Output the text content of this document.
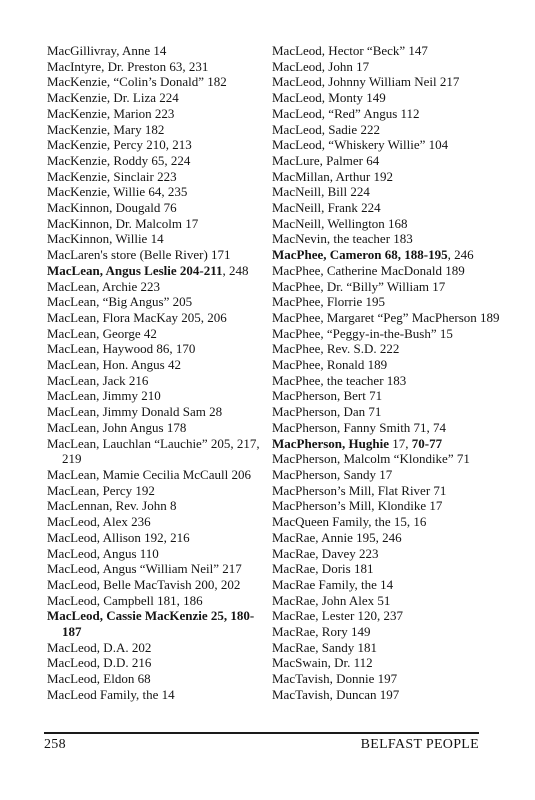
MacGillivray, Anne 14
MacIntyre, Dr. Preston 63, 231
MacKenzie, “Colin’s Donald” 182
MacKenzie, Dr. Liza 224
MacKenzie, Marion 223
MacKenzie, Mary 182
MacKenzie, Percy 210, 213
MacKenzie, Roddy 65, 224
MacKenzie, Sinclair 223
MacKenzie, Willie 64, 235
MacKinnon, Dougald 76
MacKinnon, Dr. Malcolm 17
MacKinnon, Willie 14
MacLaren's store (Belle River) 171
MacLean, Angus Leslie 204-211, 248
MacLean, Archie 223
MacLean, “Big Angus” 205
MacLean, Flora MacKay 205, 206
MacLean, George 42
MacLean, Haywood 86, 170
MacLean, Hon. Angus 42
MacLean, Jack 216
MacLean, Jimmy 210
MacLean, Jimmy Donald Sam 28
MacLean, John Angus 178
MacLean, Lauchlan “Lauchie” 205, 217, 219
MacLean, Mamie Cecilia McCaull 206
MacLean, Percy 192
MacLennan, Rev. John 8
MacLeod, Alex 236
MacLeod, Allison 192, 216
MacLeod, Angus 110
MacLeod, Angus “William Neil” 217
MacLeod, Belle MacTavish 200, 202
MacLeod, Campbell 181, 186
MacLeod, Cassie MacKenzie 25, 180-187
MacLeod, D.A. 202
MacLeod, D.D. 216
MacLeod, Eldon 68
MacLeod Family, the 14
MacLeod, Hector “Beck” 147
MacLeod, John 17
MacLeod, Johnny William Neil 217
MacLeod, Monty 149
MacLeod, “Red” Angus 112
MacLeod, Sadie 222
MacLeod, “Whiskery Willie” 104
MacLure, Palmer 64
MacMillan, Arthur 192
MacNeill, Bill 224
MacNeill, Frank 224
MacNeill, Wellington 168
MacNevin, the teacher 183
MacPhee, Cameron 68, 188-195, 246
MacPhee, Catherine MacDonald 189
MacPhee, Dr. “Billy” William 17
MacPhee, Florrie 195
MacPhee, Margaret “Peg” MacPherson 189
MacPhee, “Peggy-in-the-Bush” 15
MacPhee, Rev. S.D. 222
MacPhee, Ronald 189
MacPhee, the teacher 183
MacPherson, Bert 71
MacPherson, Dan 71
MacPherson, Fanny Smith 71, 74
MacPherson, Hughie 17, 70-77
MacPherson, Malcolm “Klondike” 71
MacPherson, Sandy 17
MacPherson’s Mill, Flat River 71
MacPherson’s Mill, Klondike 17
MacQueen Family, the 15, 16
MacRae, Annie 195, 246
MacRae, Davey 223
MacRae, Doris 181
MacRae Family, the 14
MacRae, John Alex 51
MacRae, Lester 120, 237
MacRae, Rory 149
MacRae, Sandy 181
MacSwain, Dr. 112
MacTavish, Donnie 197
MacTavish, Duncan 197
258	BELFAST PEOPLE
